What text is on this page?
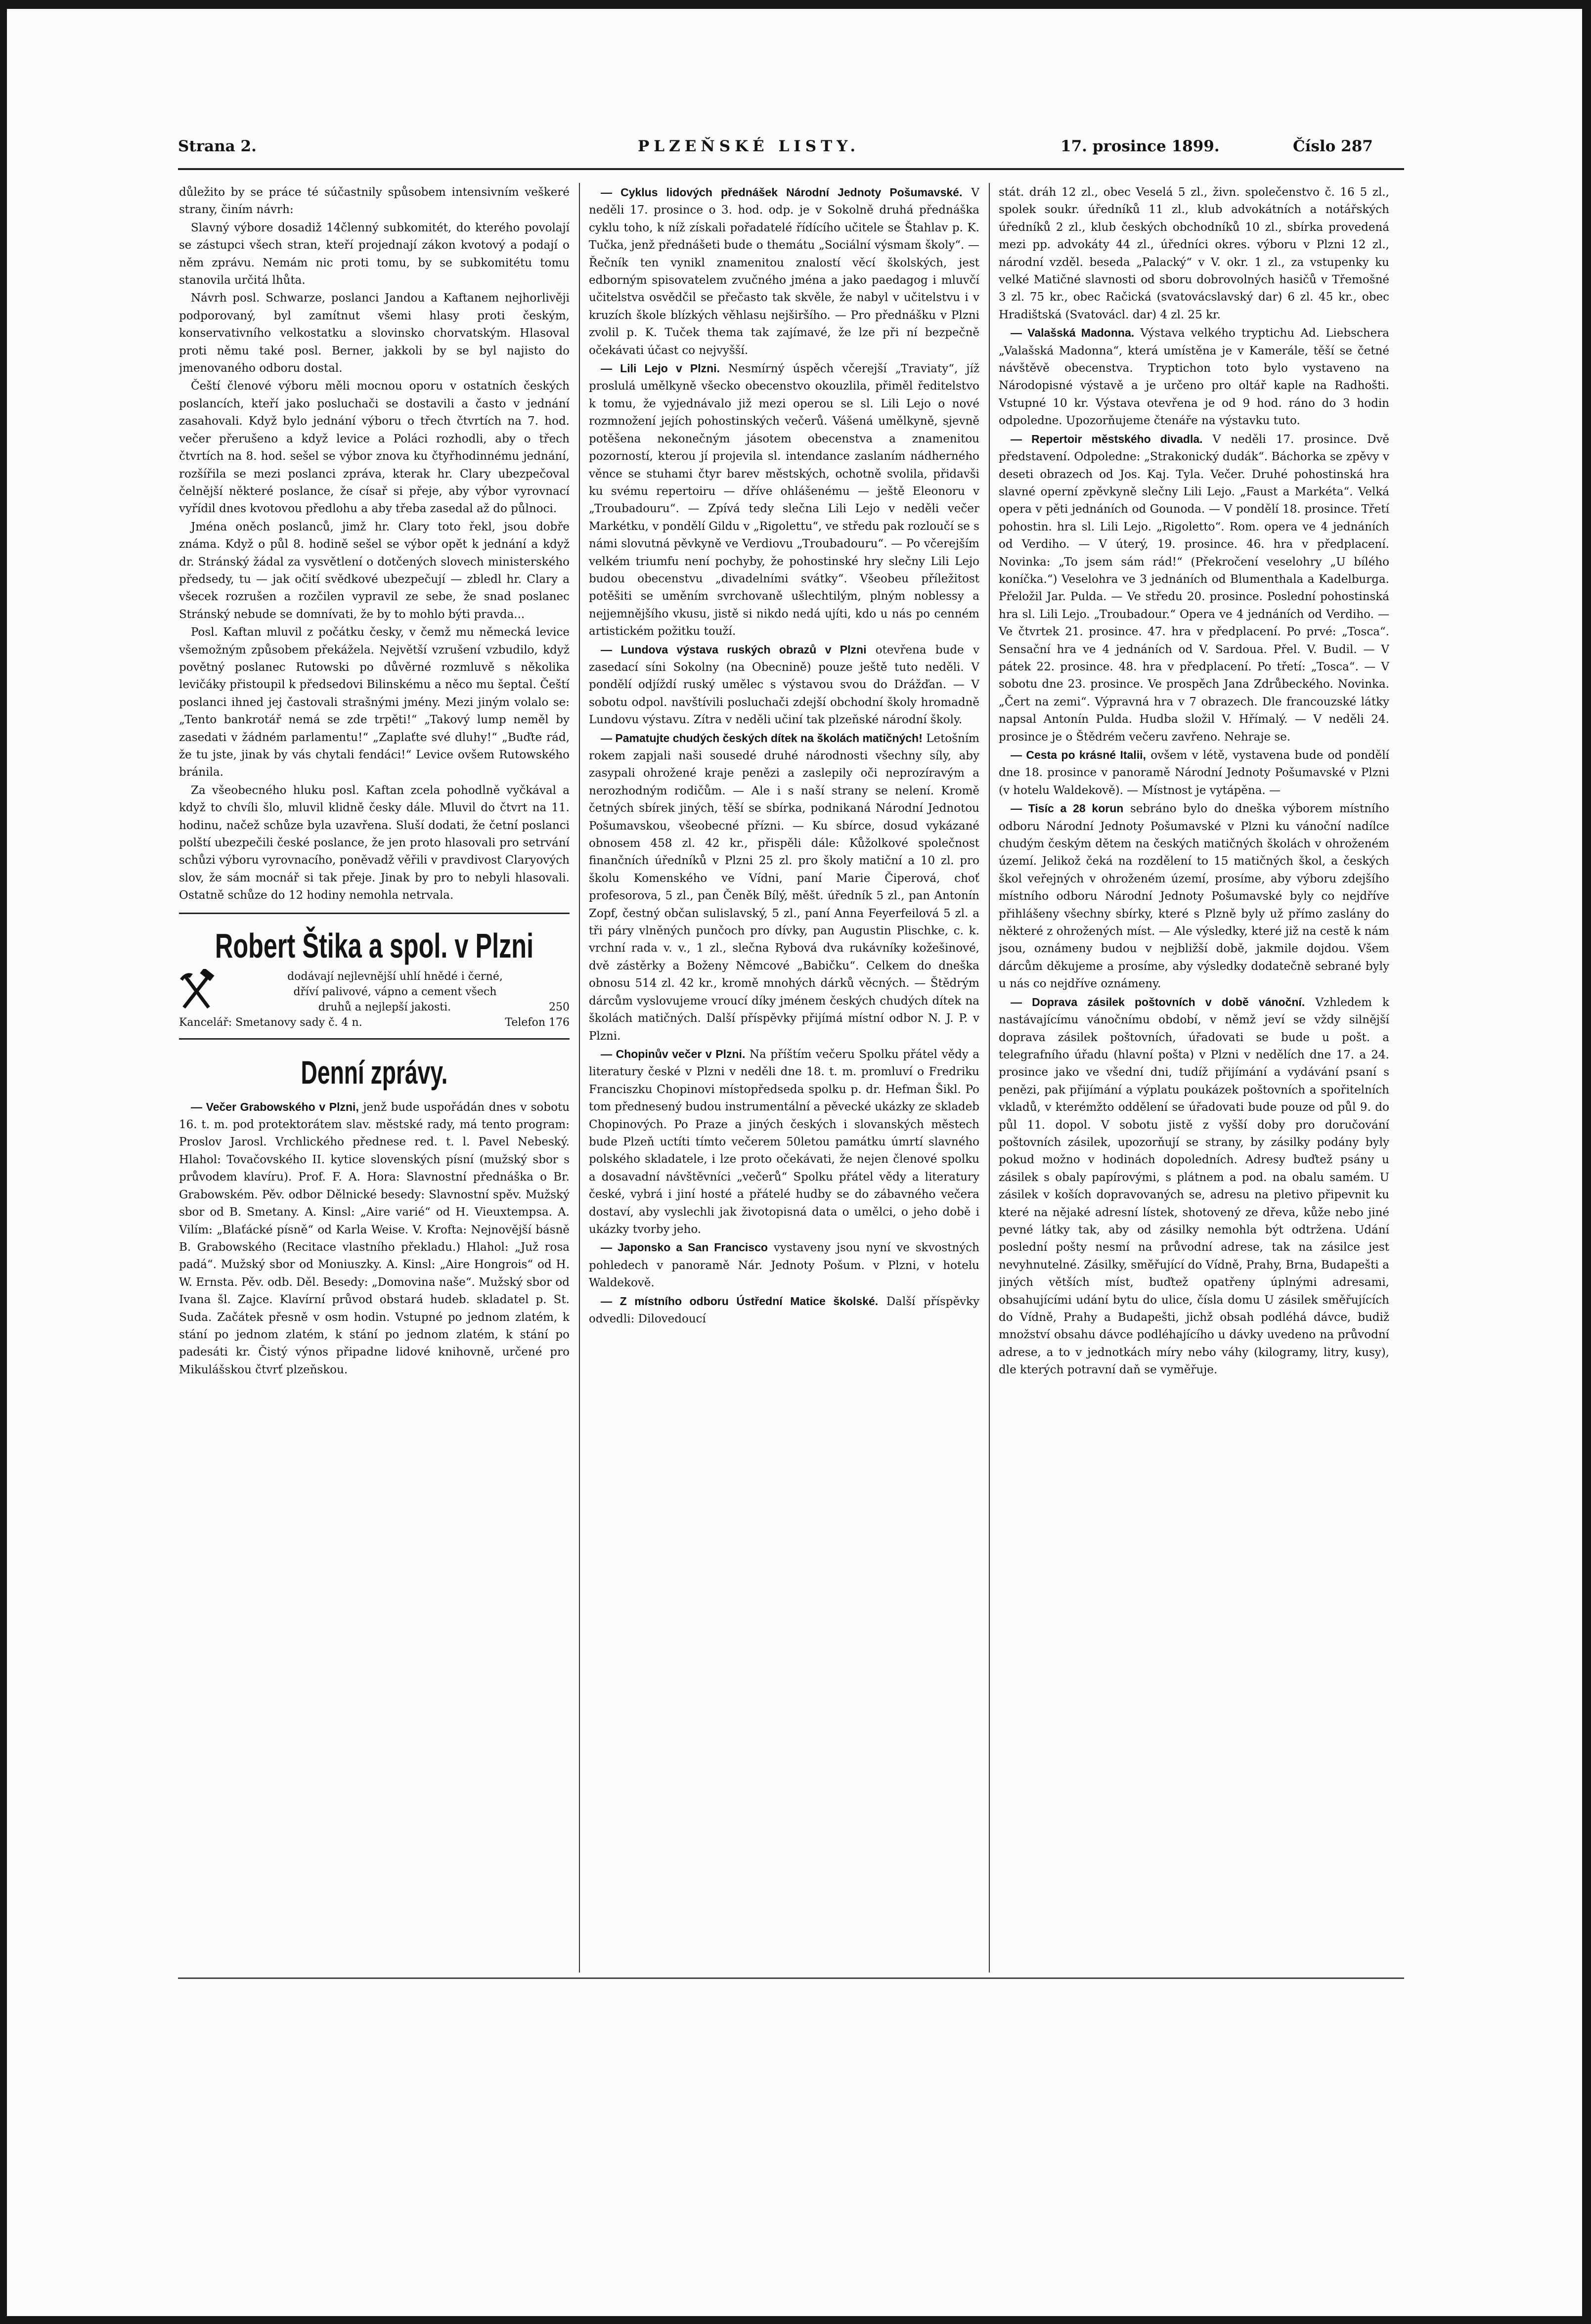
Strana 2.	PLZEŇSKÉ LISTY.	17. prosince 1899.	Číslo 287

důležito by se práce té súčastnily spůsobem intensivním veškeré strany, činím návrh:

Slavný výbore dosadiž 14členný subkomitét, do kterého povolají se zástupci všech stran, kteří projednají zákon kvotový a podají o něm zprávu. Nemám nic proti tomu, by se subkomitétu tomu stanovila určitá lhůta.

Návrh posl. Schwarze, poslanci Jandou a Kaftanem nejhorlivěji podporovaný, byl zamítnut všemi hlasy proti českým, konservativního velkostatku a slovinsko chorvatským. Hlasoval proti němu také posl. Berner, jakkoli by se byl najisto do jmenovaného odboru dostal.

Čeští členové výboru měli mocnou oporu v ostatních českých poslancích, kteří jako posluchači se dostavili a často v jednání zasahovali. Když bylo jednání výboru o třech čtvrtích na 7. hod. večer přerušeno a když levice a Poláci rozhodli, aby o třech čtvrtích na 8. hod. sešel se výbor znova ku čtyřhodinnému jednání, rozšířila se mezi poslanci zpráva, kterak hr. Clary ubezpečoval čelnější některé poslance, že císař si přeje, aby výbor vyrovnací vyřídil dnes kvotovou předlohu a aby třeba zasedal až do půlnoci.

Jména oněch poslanců, jimž hr. Clary toto řekl, jsou dobře známa. Když o půl 8. hodině sešel se výbor opět k jednání a když dr. Stránský žádal za vysvětlení o dotčených slovech ministerského předsedy, tu — jak očití svědkové ubezpečují — zbledl hr. Clary a všecek rozrušen a rozčilen vypravil ze sebe, že snad poslanec Stránský nebude se domnívati, že by to mohlo býti pravda...

Posl. Kaftan mluvil z počátku česky, v čemž mu německá levice všemožným způsobem překážela. Největší vzrušení vzbudilo, když povětný poslanec Rutowski po důvěrné rozmluvě s několika levičáky přistoupil k předsedovi Bilinskému a něco mu šeptal. Čeští poslanci ihned jej častovali strašnými jmény. Mezi jiným volalo se: „Tento bankrotář nemá se zde trpěti!“ „Takový lump neměl by zasedati v žádném parlamentu!“ „Zaplaťte své dluhy!“ „Buďte rád, že tu jste, jinak by vás chytali fendáci!“ Levice ovšem Rutowského bránila.

Za všeobecného hluku posl. Kaftan zcela pohodlně vyčkával a když to chvíli šlo, mluvil klidně česky dále. Mluvil do čtvrt na 11. hodinu, načež schůze byla uzavřena. Sluší dodati, že četní poslanci polští ubezpečili české poslance, že jen proto hlasovali pro setrvání schůzi výboru vyrovnacího, poněvadž věřili v pravdivost Claryových slov, že sám mocnář si tak přeje. Jinak by pro to nebyli hlasovali. Ostatně schůze do 12 hodiny nemohla netrvala.

Robert Štika a spol. v Plzni
dodávají nejlevnější uhlí hnědé i černé,
dříví palivové, vápno a cement všech
druhů a nejlepší jakosti.	250
Kancelář: Smetanovy sady č. 4 n.	Telefon 176
Denní zprávy.

— Večer Grabowského v Plzni, jenž bude uspořádán dnes v sobotu 16. t. m. pod protektorátem slav. městské rady, má tento program: Proslov Jarosl. Vrchlického přednese red. t. l. Pavel Nebeský. Hlahol: Tovačovského II. kytice slovenských písní (mužský sbor s průvodem klavíru). Prof. F. A. Hora: Slavnostní přednáška o Br. Grabowském. Pěv. odbor Dělnické besedy: Slavnostní spěv. Mužský sbor od B. Smetany. A. Kinsl: „Aire varié“ od H. Vieuxtempsa. A. Vilím: „Blaťácké písně“ od Karla Weise. V. Krofta: Nejnovější básně B. Grabowského (Recitace vlastního překladu.) Hlahol: „Juž rosa padá“. Mužský sbor od Moniuszky. A. Kinsl: „Aire Hongrois“ od H. W. Ernsta. Pěv. odb. Děl. Besedy: „Domovina naše“. Mužský sbor od Ivana šl. Zajce. Klavírní průvod obstará hudeb. skladatel p. St. Suda. Začátek přesně v osm hodin. Vstupné po jednom zlatém, k stání po jednom zlatém, k stání po jednom zlatém, k stání po padesáti kr. Čistý výnos připadne lidové knihovně, určené pro Mikulášskou čtvrť plzeňskou.

— Cyklus lidových přednášek Národní Jednoty Pošumavské. V neděli 17. prosince o 3. hod. odp. je v Sokolně druhá přednáška cyklu toho, k níž získali pořadatelé řídícího učitele se Štahlav p. K. Tučka, jenž přednášeti bude o themátu „Sociální výsmam školy“. — Řečník ten vynikl znamenitou znalostí věcí školských, jest edborným spisovatelem zvučného jména a jako paedagog i mluvčí učitelstva osvědčil se přečasto tak skvěle, že nabyl v učitelstvu i v kruzích škole blízkých věhlasu nejširšího. — Pro přednášku v Plzni zvolil p. K. Tuček thema tak zajímavé, že lze při ní bezpečně očekávati účast co nejvyšší.

— Lili Lejo v Plzni. Nesmírný úspěch včerejší „Traviaty“, jíž proslulá umělkyně všecko obecenstvo okouzlila, přiměl ředitelstvo k tomu, že vyjednávalo již mezi operou se sl. Lili Lejo o nové rozmnožení jejích pohostinských večerů. Vášená umělkyně, sjevně potěšena nekonečným jásotem obecenstva a znamenitou pozorností, kterou jí projevila sl. intendance zaslaním nádherného věnce se stuhami čtyr barev městských, ochotně svolila, přidavši ku svému repertoiru — dříve ohlášenému — ještě Eleonoru v „Troubadouru“. — Zpívá tedy slečna Lili Lejo v neděli večer Markétku, v pondělí Gildu v „Rigolettu“, ve středu pak rozloučí se s námi slovutná pěvkyně ve Verdiovu „Troubadouru“. — Po včerejším velkém triumfu není pochyby, že pohostinské hry slečny Lili Lejo budou obecenstvu „divadelními svátky“. Všeobeu příležitost potěšiti se uměním svrchovaně ušlechtilým, plným noblessy a nejjemnějšího vkusu, jistě si nikdo nedá ujíti, kdo u nás po cenném artistickém požitku touží.

— Lundova výstava ruských obrazů v Plzni otevřena bude v zasedací síni Sokolny (na Obecnině) pouze ještě tuto neděli. V pondělí odjíždí ruský umělec s výstavou svou do Drážďan. — V sobotu odpol. navštívili posluchači zdejší obchodní školy hromadně Lundovu výstavu. Zítra v neděli učiní tak plzeňské národní školy.

— Pamatujte chudých českých dítek na školách matičných! Letošním rokem zapjali naši sousedé druhé národnosti všechny síly, aby zasypali ohrožené kraje penězi a zaslepily oči neprozíravým a nerozhodným rodičům. — Ale i s naší strany se nelení. Kromě četných sbírek jiných, těší se sbírka, podnikaná Národní Jednotou Pošumavskou, všeobecné přízni. — Ku sbírce, dosud vykázané obnosem 458 zl. 42 kr., přispěli dále: Kůžolkové společnost finančních úředníků v Plzni 25 zl. pro školy matiční a 10 zl. pro školu Komenského ve Vídni, paní Marie Čiperová, choť profesorova, 5 zl., pan Čeněk Bílý, měšt. úředník 5 zl., pan Antonín Zopf, čestný občan sulislavský, 5 zl., paní Anna Feyerfeilová 5 zl. a tři páry vlněných punčoch pro dívky, pan Augustin Plischke, c. k. vrchní rada v. v., 1 zl., slečna Rybová dva rukávníky kožešinové, dvě zástěrky a Boženy Němcové „Babičku“. Celkem do dneška obnosu 514 zl. 42 kr., kromě mnohých dárků věcných. — Štědrým dárcům vyslovujeme vroucí díky jménem českých chudých dítek na školách matičných. Další příspěvky přijímá místní odbor N. J. P. v Plzni.

— Chopinův večer v Plzni. Na příštím večeru Spolku přátel vědy a literatury české v Plzni v neděli dne 18. t. m. promluví o Fredriku Franciszku Chopinovi místopředseda spolku p. dr. Hefman Šikl. Po tom přednesený budou instrumentální a pěvecké ukázky ze skladeb Chopinových. Po Praze a jiných českých i slovanských městech bude Plzeň uctíti tímto večerem 50letou památku úmrtí slavného polského skladatele, i lze proto očekávati, že nejen členové spolku a dosavadní návštěvníci „večerů“ Spolku přátel vědy a literatury české, vybrá i jiní hosté a přátelé hudby se do zábavného večera dostaví, aby vyslechli jak životopisná data o umělci, o jeho době i ukázky tvorby jeho.

— Japonsko a San Francisco vystaveny jsou nyní ve skvostných pohledech v panoramě Nár. Jednoty Pošum. v Plzni, v hotelu Waldekově.

— Z místního odboru Ústřední Matice školské. Další příspěvky odvedli: Dilovedoucí

stát. dráh 12 zl., obec Veselá 5 zl., živn. společenstvo č. 16 5 zl., spolek soukr. úředníků 11 zl., klub advokátních a notářských úředníků 2 zl., klub českých obchodníků 10 zl., sbírka provedená mezi pp. advokáty 44 zl., úředníci okres. výboru v Plzni 12 zl., národní vzděl. beseda „Palacký“ v V. okr. 1 zl., za vstupenky ku velké Matičné slavnosti od sboru dobrovolných hasičů v Třemošné 3 zl. 75 kr., obec Račická (svatovácslavský dar) 6 zl. 45 kr., obec Hradištská (Svatovácl. dar) 4 zl. 25 kr.

— Valašská Madonna. Výstava velkého tryptichu Ad. Liebschera „Valašská Madonna“, která umístěna je v Kamerále, těší se četné návštěvě obecenstva. Tryptichon toto bylo vystaveno na Národopisné výstavě a je určeno pro oltář kaple na Radhošti. Vstupné 10 kr. Výstava otevřena je od 9 hod. ráno do 3 hodin odpoledne. Upozorňujeme čtenáře na výstavku tuto.

— Repertoir městského divadla. V neděli 17. prosince. Dvě představení. Odpoledne: „Strakonický dudák“. Báchorka se zpěvy v deseti obrazech od Jos. Kaj. Tyla. Večer. Druhé pohostinská hra slavné operní zpěvkyně slečny Lili Lejo. „Faust a Markéta“. Velká opera v pěti jednáních od Gounoda. — V pondělí 18. prosince. Třetí pohostin. hra sl. Lili Lejo. „Rigoletto“. Rom. opera ve 4 jednáních od Verdiho. — V úterý, 19. prosince. 46. hra v předplacení. Novinka: „To jsem sám rád!“ (Překročení veselohry „U bílého koníčka.“) Veselohra ve 3 jednáních od Blumenthala a Kadelburga. Přeložil Jar. Pulda. — Ve středu 20. prosince. Poslední pohostinská hra sl. Lili Lejo. „Troubadour.“ Opera ve 4 jednáních od Verdiho. — Ve čtvrtek 21. prosince. 47. hra v předplacení. Po prvé: „Tosca“. Sensační hra ve 4 jednáních od V. Sardoua. Přel. V. Budil. — V pátek 22. prosince. 48. hra v předplacení. Po třetí: „Tosca“. — V sobotu dne 23. prosince. Ve prospěch Jana Zdrůbeckého. Novinka. „Čert na zemi“. Výpravná hra v 7 obrazech. Dle francouzské látky napsal Antonín Pulda. Hudba složil V. Hřímalý. — V neděli 24. prosince je o Štědrém večeru zavřeno. Nehraje se.

— Cesta po krásné Italii, ovšem v létě, vystavena bude od pondělí dne 18. prosince v panoramě Národní Jednoty Pošumavské v Plzni (v hotelu Waldekově). — Místnost je vytápěna. —

— Tisíc a 28 korun sebráno bylo do dneška výborem místního odboru Národní Jednoty Pošumavské v Plzni ku vánoční nadílce chudým českým dětem na českých matičných školách v ohroženém území. Jelikož čeká na rozdělení to 15 matičných škol, a českých škol veřejných v ohroženém území, prosíme, aby výboru zdejšího místního odboru Národní Jednoty Pošumavské byly co nejdříve přihlášeny všechny sbírky, které s Plzně byly už přímo zaslány do některé z ohrožených míst. — Ale výsledky, které již na cestě k nám jsou, oznámeny budou v nejbližší době, jakmile dojdou. Všem dárcům děkujeme a prosíme, aby výsledky dodatečně sebrané byly u nás co nejdříve oznámeny.

— Doprava zásilek poštovních v době vánoční. Vzhledem k nastávajícímu vánočnímu období, v němž jeví se vždy silnější doprava zásilek poštovních, úřadovati se bude u pošt. a telegrafního úřadu (hlavní pošta) v Plzni v nedělích dne 17. a 24. prosince jako ve všední dni, tudíž přijímání a vydávání psaní s penězi, pak přijímání a výplatu poukázek poštovních a spořitelních vkladů, v kterémžto oddělení se úřadovati bude pouze od půl 9. do půl 11. dopol. V sobotu jistě z vyšší doby pro doručování poštovních zásilek, upozorňují se strany, by zásilky podány byly pokud možno v hodinách dopoledních. Adresy buďtež psány u zásilek s obaly papírovými, s plátnem a pod. na obalu samém. U zásilek v koších dopravovaných se, adresu na pletivo připevnit ku které na nějaké adresní lístek, shotovený ze dřeva, kůže nebo jiné pevné látky tak, aby od zásilky nemohla být odtržena. Udání poslední pošty nesmí na průvodní adrese, tak na zásilce jest nevyhnutelné. Zásilky, směřující do Vídně, Prahy, Brna, Budapešti a jiných větších míst, buďtež opatřeny úplnými adresami, obsahujícími udání bytu do ulice, čísla domu U zásilek směřujících do Vídně, Prahy a Budapešti, jichž obsah podléhá dávce, budiž množství obsahu dávce podléhajícího u dávky uvedeno na průvodní adrese, a to v jednotkách míry nebo váhy (kilogramy, litry, kusy), dle kterých potravní daň se vyměřuje.
